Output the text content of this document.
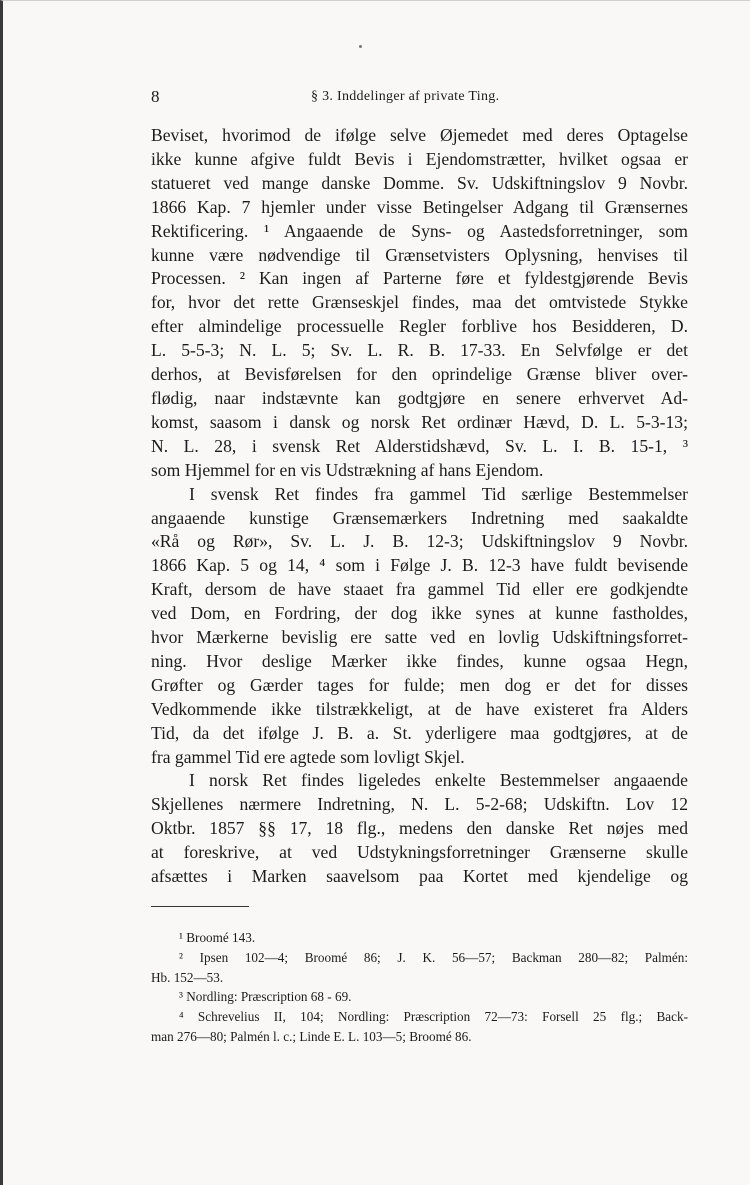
8	§ 3. Inddelinger af private Ting.
Beviset, hvorimod de ifølge selve Øjemedet med deres Optagelse
ikke kunne afgive fuldt Bevis i Ejendomstrætter, hvilket ogsaa er
statueret ved mange danske Domme. Sv. Udskiftningslov 9 Novbr.
1866 Kap. 7 hjemler under visse Betingelser Adgang til Grænsernes
Rektificering. ¹ Angaaende de Syns- og Aastedsforretninger, som
kunne være nødvendige til Grænsetvisters Oplysning, henvises til
Processen. ² Kan ingen af Parterne føre et fyldestgjørende Bevis
for, hvor det rette Grænseskjel findes, maa det omtvistede Stykke
efter almindelige processuelle Regler forblive hos Besidderen, D.
L. 5-5-3; N. L. 5; Sv. L. R. B. 17-33. En Selvfølge er det
derhos, at Bevisførelsen for den oprindelige Grænse bliver over-
flødig, naar indstævnte kan godtgjøre en senere erhvervet Ad-
komst, saasom i dansk og norsk Ret ordinær Hævd, D. L. 5-3-13;
N. L. 28, i svensk Ret Alderstidshævd, Sv. L. I. B. 15-1, ³
som Hjemmel for en vis Udstrækning af hans Ejendom.
I svensk Ret findes fra gammel Tid særlige Bestemmelser
angaaende kunstige Grænsemærkers Indretning med saakaldte
«Rå og Rør», Sv. L. J. B. 12-3; Udskiftningslov 9 Novbr.
1866 Kap. 5 og 14, ⁴ som i Følge J. B. 12-3 have fuldt bevisende
Kraft, dersom de have staaet fra gammel Tid eller ere godkjendte
ved Dom, en Fordring, der dog ikke synes at kunne fastholdes,
hvor Mærkerne bevislig ere satte ved en lovlig Udskiftningsforret-
ning. Hvor deslige Mærker ikke findes, kunne ogsaa Hegn,
Grøfter og Gærder tages for fulde; men dog er det for disses
Vedkommende ikke tilstrækkeligt, at de have existeret fra Alders
Tid, da det ifølge J. B. a. St. yderligere maa godtgjøres, at de
fra gammel Tid ere agtede som lovligt Skjel.
I norsk Ret findes ligeledes enkelte Bestemmelser angaaende
Skjellenes nærmere Indretning, N. L. 5-2-68; Udskiftn. Lov 12
Oktbr. 1857 §§ 17, 18 flg., medens den danske Ret nøjes med
at foreskrive, at ved Udstykningsforretninger Grænserne skulle
afsættes i Marken saavelsom paa Kortet med kjendelige og
¹ Broomé 143.
² Ipsen 102—4; Broomé 86; J. K. 56—57; Backman 280—82; Palmén:
Hb. 152—53.
³ Nordling: Præscription 68 - 69.
⁴ Schrevelius II, 104; Nordling: Præscription 72—73: Forsell 25 flg.; Back-
man 276—80; Palmén l. c.; Linde E. L. 103—5; Broomé 86.
